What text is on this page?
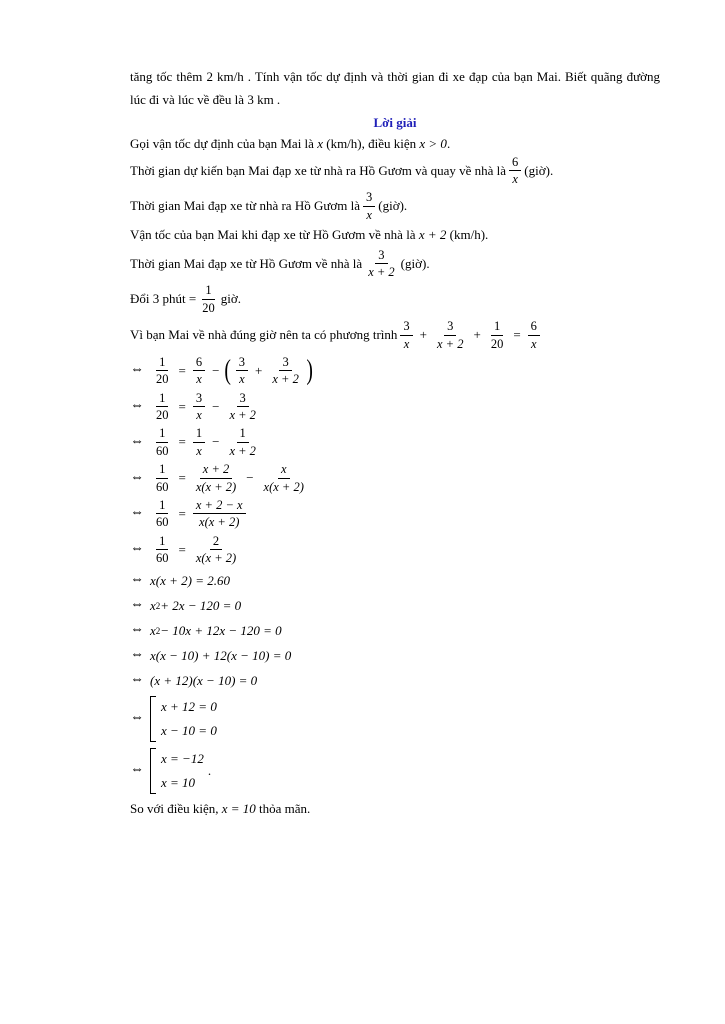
tăng tốc thêm 2 km/h . Tính vận tốc dự định và thời gian đi xe đạp của bạn Mai. Biết quãng đường lúc đi và lúc về đều là 3 km .
Lời giải
Gọi vận tốc dự định của bạn Mai là
x
(km/h), điều kiện
x > 0 .
Thời gian dự kiến bạn Mai đạp xe từ nhà ra Hồ Gươm và quay về nhà là $\frac{6}{x}$ (giờ).
Thời gian Mai đạp xe từ nhà ra Hồ Gươm là $\frac{3}{x}$ (giờ).
Vận tốc của bạn Mai khi đạp xe từ Hồ Gươm về nhà là
x + 2
(km/h).
Thời gian Mai đạp xe từ Hồ Gươm về nhà là $\frac{3}{x + 2}$ (giờ).
Đổi 3 phút = $\frac{1}{20}$ giờ.
Vì bạn Mai về nhà đúng giờ nên ta có phương trình $\frac{3}{x} + \frac{3}{x + 2} + \frac{1}{20} = \frac{6}{x}$
⇔ $\frac{1}{20} = \frac{6}{x}$ − ( $\frac{3}{x} + \frac{3}{x + 2}$ )
⇔ $\frac{1}{20} = \frac{3}{x} - \frac{3}{x + 2}$
⇔ $\frac{1}{60} = \frac{1}{x} - \frac{1}{x + 2}$
⇔ $\frac{1}{60} = \frac{x + 2}{x(x + 2)} - \frac{x}{x(x + 2)}$
⇔ $\frac{1}{60} = \frac{x + 2 - x}{x(x + 2)}$
⇔ $\frac{1}{60} = \frac{2}{x(x + 2)}$
⇔ x(x + 2) = 2.60
⇔ x 2 + 2x − 120 = 0
⇔ x 2 − 10x + 12x − 120 = 0
⇔ x(x − 10) + 12(x − 10) = 0
⇔ (x + 12)(x − 10) = 0
⇔
x + 12 = 0
x − 10 = 0
⇔
x = −12
x = 10
.
So với điều kiện,
x = 10
thỏa mãn.
